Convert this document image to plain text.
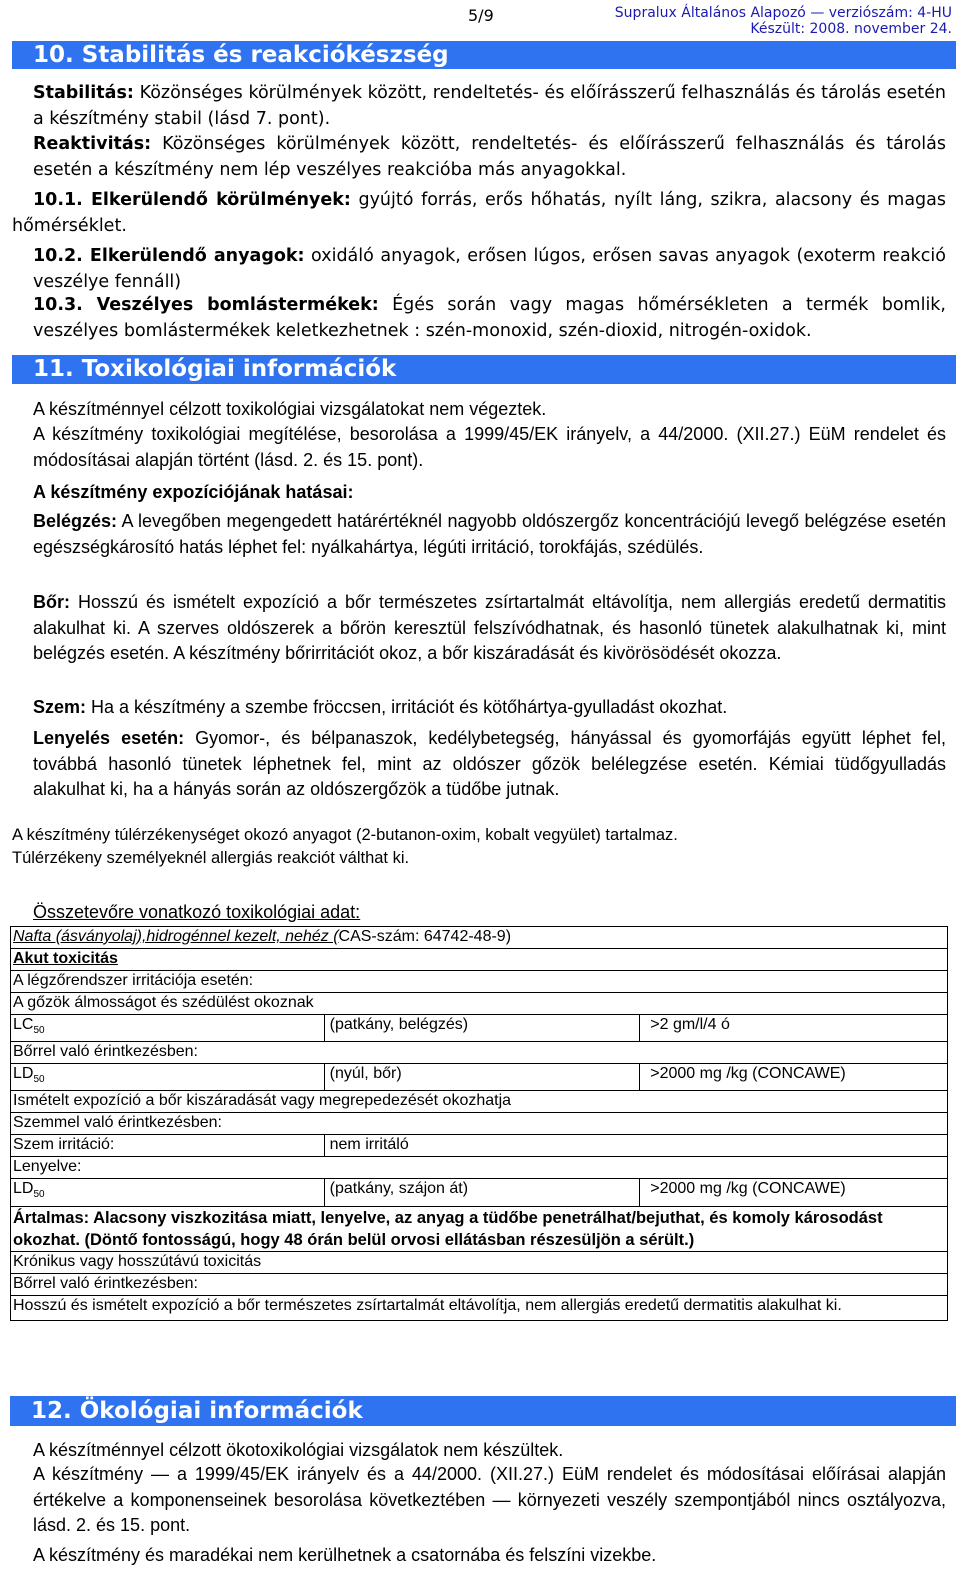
5/9	Supralux Általános Alapozó — verziószám: 4-HU
Készült: 2008. november 24.
10. Stabilitás és reakciókészség
Stabilitás: Közönséges körülmények között, rendeltetés- és előírásszerű felhasználás és tárolás esetén a készítmény stabil (lásd 7. pont).
Reaktivitás: Közönséges körülmények között, rendeltetés- és előírásszerű felhasználás és tárolás esetén a készítmény nem lép veszélyes reakcióba más anyagokkal.
10.1. Elkerülendő körülmények: gyújtó forrás, erős hőhatás, nyílt láng, szikra, alacsony és magas hőmérséklet.
10.2. Elkerülendő anyagok: oxidáló anyagok, erősen lúgos, erősen savas anyagok (exoterm reakció veszélye fennáll)
10.3. Veszélyes bomlástermékek: Égés során vagy magas hőmérsékleten a termék bomlik, veszélyes bomlástermékek keletkezhetnek : szén-monoxid, szén-dioxid, nitrogén-oxidok.
11. Toxikológiai információk
A készítménnyel célzott toxikológiai vizsgálatokat nem végeztek.
A készítmény toxikológiai megítélése, besorolása a 1999/45/EK irányelv, a 44/2000. (XII.27.) EüM rendelet és módosításai alapján történt (lásd. 2. és 15. pont).
A készítmény expozíciójának hatásai:
Belégzés: A levegőben megengedett határértéknél nagyobb oldószergőz koncentrációjú levegő belégzése esetén egészségkárosító hatás léphet fel: nyálkahártya, légúti irritáció, torokfájás, szédülés.
Bőr: Hosszú és ismételt expozíció a bőr természetes zsírtartalmát eltávolítja, nem allergiás eredetű dermatitis alakulhat ki. A szerves oldószerek a bőrön keresztül felszívódhatnak, és hasonló tünetek alakulhatnak ki, mint belégzés esetén. A készítmény bőrirritációt okoz, a bőr kiszáradását és kivörösödését okozza.
Szem: Ha a készítmény a szembe fröccsen, irritációt és kötőhártya-gyulladást okozhat.
Lenyelés esetén: Gyomor-, és bélpanaszok, kedélybetegség, hányással és gyomorfájás együtt léphet fel, továbbá hasonló tünetek léphetnek fel, mint az oldószer gőzök belélegzése esetén. Kémiai tüdőgyulladás alakulhat ki, ha a hányás során az oldószergőzök a tüdőbe jutnak.
A készítmény túlérzékenységet okozó anyagot (2-butanon-oxim, kobalt vegyület) tartalmaz.
Túlérzékeny személyeknél allergiás reakciót válthat ki.
Összetevőre vonatkozó toxikológiai adat:
Nafta (ásványolaj),hidrogénnel kezelt, nehéz (CAS-szám: 64742-48-9)		
Akut toxicitás		
A légzőrendszer irritációja esetén:		
A gőzök álmosságot és szédülést okoznak		
$LC_{50}$	(patkány, belégzés)	>2 gm/l/4 ó
Bőrrel való érintkezésben:		
$LD_{50}$	(nyúl, bőr)	>2000 mg /kg (CONCAWE)
Ismételt expozíció a bőr kiszáradását vagy megrepedezését okozhatja		
Szemmel való érintkezésben:		
Szem irritáció:	nem irritáló	
Lenyelve:		
$LD_{50}$	(patkány, szájon át)	>2000 mg /kg (CONCAWE)
Ártalmas: Alacsony viszkozitása miatt, lenyelve, az anyag a tüdőbe penetrálhat/bejuthat, és komoly károsodást okozhat. (Döntő fontosságú, hogy 48 órán belül orvosi ellátásban részesüljön a sérült.)		
Krónikus vagy hosszútávú toxicitás		
Bőrrel való érintkezésben:		
Hosszú és ismételt expozíció a bőr természetes zsírtartalmát eltávolítja, nem allergiás eredetű dermatitis alakulhat ki.		
12. Ökológiai információk
A készítménnyel célzott ökotoxikológiai vizsgálatok nem készültek.
A készítmény — a 1999/45/EK irányelv és a 44/2000. (XII.27.) EüM rendelet és módosításai előírásai alapján értékelve a komponenseinek besorolása következtében — környezeti veszély szempontjából nincs osztályozva, lásd. 2. és 15. pont.
A készítmény és maradékai nem kerülhetnek a csatornába és felszíni vizekbe.
